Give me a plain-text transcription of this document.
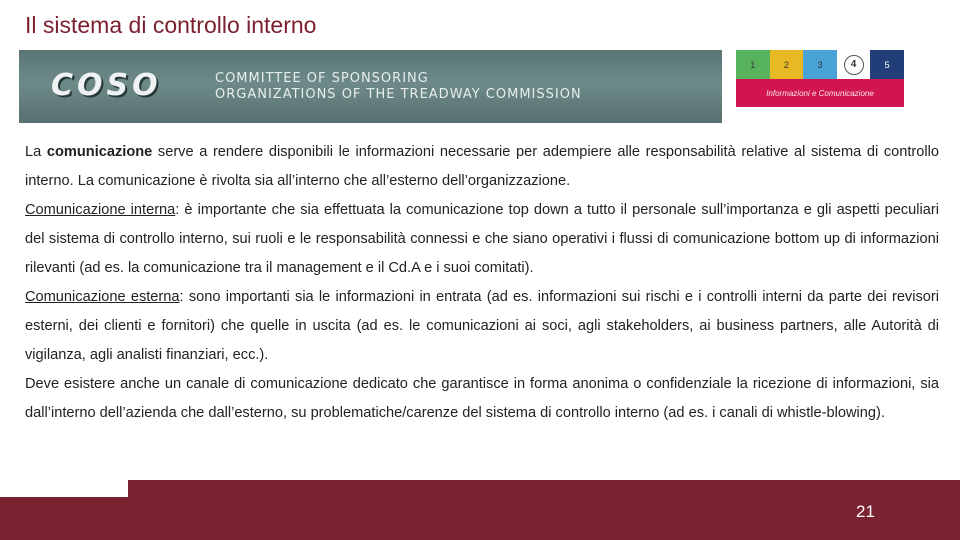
Il sistema di controllo interno
COSO	COMMITTEE OF SPONSORING
ORGANIZATIONS OF THE TREADWAY COMMISSION
1	2	3	4	5
Informazioni e Comunicazione

La comunicazione serve a rendere disponibili le informazioni necessarie per adempiere alle responsabilità relative al sistema di controllo interno. La comunicazione è rivolta sia all’interno che all’esterno dell’organizzazione.

Comunicazione interna: è importante che sia effettuata la comunicazione top down a tutto il personale sull’importanza e gli aspetti peculiari del sistema di controllo interno, sui ruoli e le responsabilità connessi e che siano operativi i flussi di comunicazione bottom up di informazioni rilevanti (ad es. la comunicazione tra il management e il Cd.A e i suoi comitati).

Comunicazione esterna: sono importanti sia le informazioni in entrata (ad es. informazioni sui rischi e i controlli interni da parte dei revisori esterni, dei clienti e fornitori) che quelle in uscita (ad es. le comunicazioni ai soci, agli stakeholders, ai business partners, alle Autorità di vigilanza, agli analisti finanziari, ecc.).

Deve esistere anche un canale di comunicazione dedicato che garantisce in forma anonima o confidenziale la ricezione di informazioni, sia dall’interno dell’azienda che dall’esterno, su problematiche/carenze del sistema di controllo interno (ad es. i canali di whistle-blowing).

21
